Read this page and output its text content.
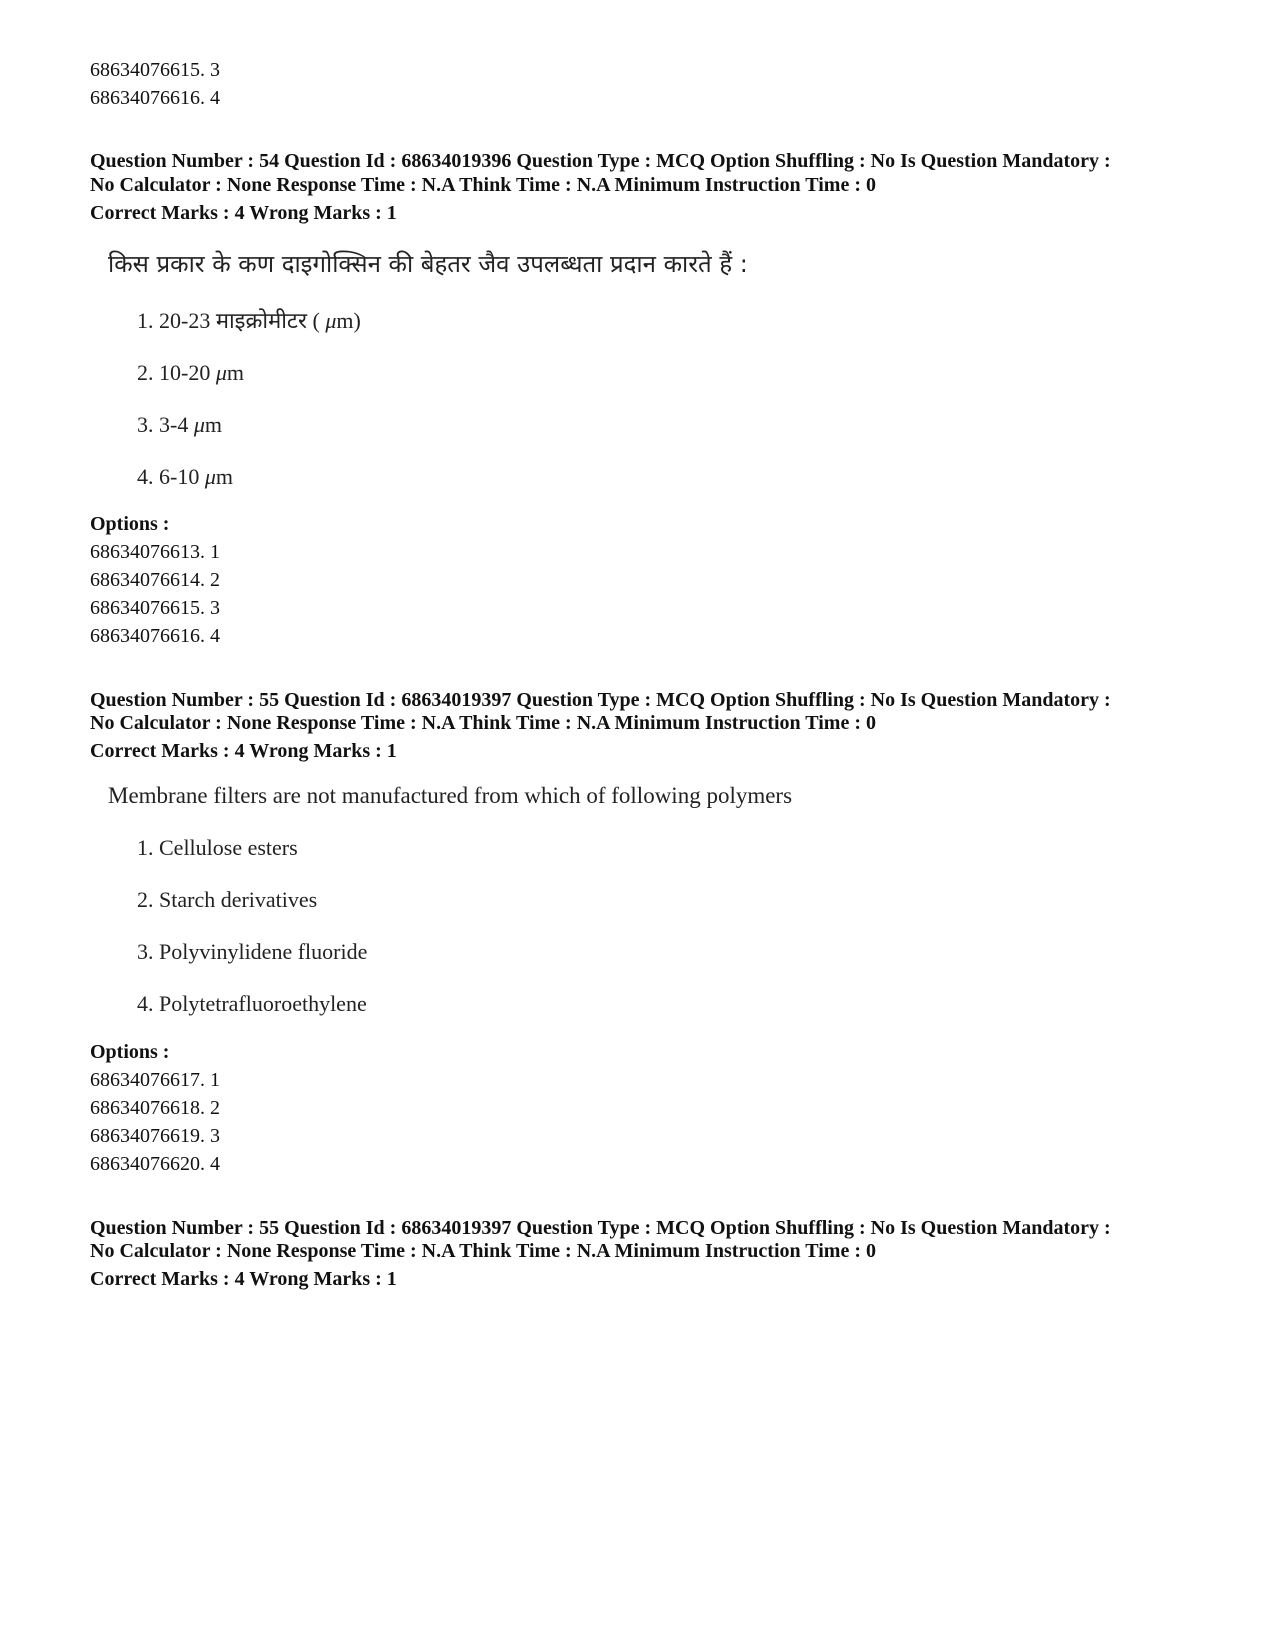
68634076615. 3
68634076616. 4
Question Number : 54 Question Id : 68634019396 Question Type : MCQ Option Shuffling : No Is Question Mandatory :
No Calculator : None Response Time : N.A Think Time : N.A Minimum Instruction Time : 0
Correct Marks : 4 Wrong Marks : 1
किस प्रकार के कण दाइगोक्सिन की बेहतर जैव उपलब्धता प्रदान कारते हैं :
1. 20-23 माइक्रोमीटर ( μm)
2. 10-20 μm
3. 3-4 μm
4. 6-10 μm
Options :
68634076613. 1
68634076614. 2
68634076615. 3
68634076616. 4
Question Number : 55 Question Id : 68634019397 Question Type : MCQ Option Shuffling : No Is Question Mandatory :
No Calculator : None Response Time : N.A Think Time : N.A Minimum Instruction Time : 0
Correct Marks : 4 Wrong Marks : 1
Membrane filters are not manufactured from which of following polymers
1. Cellulose esters
2. Starch derivatives
3. Polyvinylidene fluoride
4. Polytetrafluoroethylene
Options :
68634076617. 1
68634076618. 2
68634076619. 3
68634076620. 4
Question Number : 55 Question Id : 68634019397 Question Type : MCQ Option Shuffling : No Is Question Mandatory :
No Calculator : None Response Time : N.A Think Time : N.A Minimum Instruction Time : 0
Correct Marks : 4 Wrong Marks : 1
